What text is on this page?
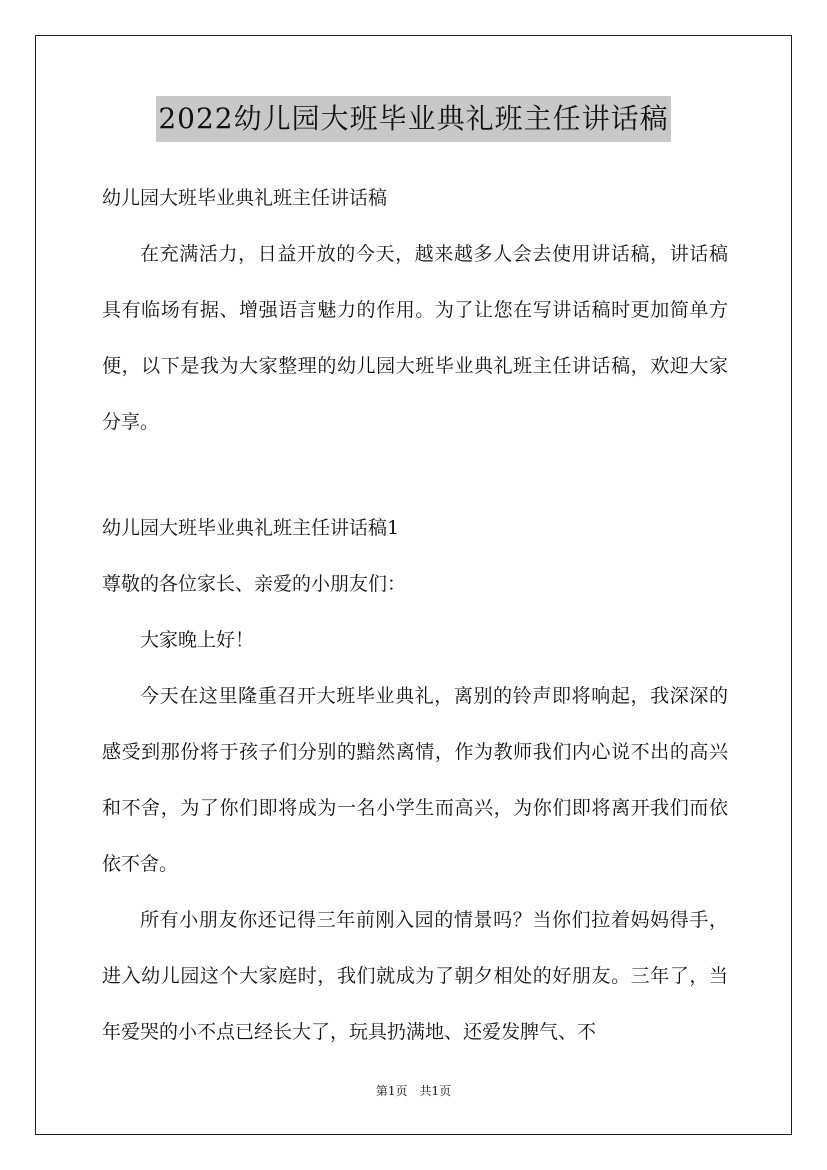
2022幼儿园大班毕业典礼班主任讲话稿

幼儿园大班毕业典礼班主任讲话稿

在充满活力，日益开放的今天，越来越多人会去使用讲话稿，讲话稿具有临场有据、增强语言魅力的作用。为了让您在写讲话稿时更加简单方便，以下是我为大家整理的幼儿园大班毕业典礼班主任讲话稿，欢迎大家分享。

幼儿园大班毕业典礼班主任讲话稿1

尊敬的各位家长、亲爱的小朋友们：

大家晚上好！

今天在这里隆重召开大班毕业典礼，离别的铃声即将响起，我深深的感受到那份将于孩子们分别的黯然离情，作为教师我们内心说不出的高兴和不舍，为了你们即将成为一名小学生而高兴，为你们即将离开我们而依依不舍。

所有小朋友你还记得三年前刚入园的情景吗？当你们拉着妈妈得手，进入幼儿园这个大家庭时，我们就成为了朝夕相处的好朋友。三年了，当年爱哭的小不点已经长大了，玩具扔满地、还爱发脾气、不

第1页　共1页
